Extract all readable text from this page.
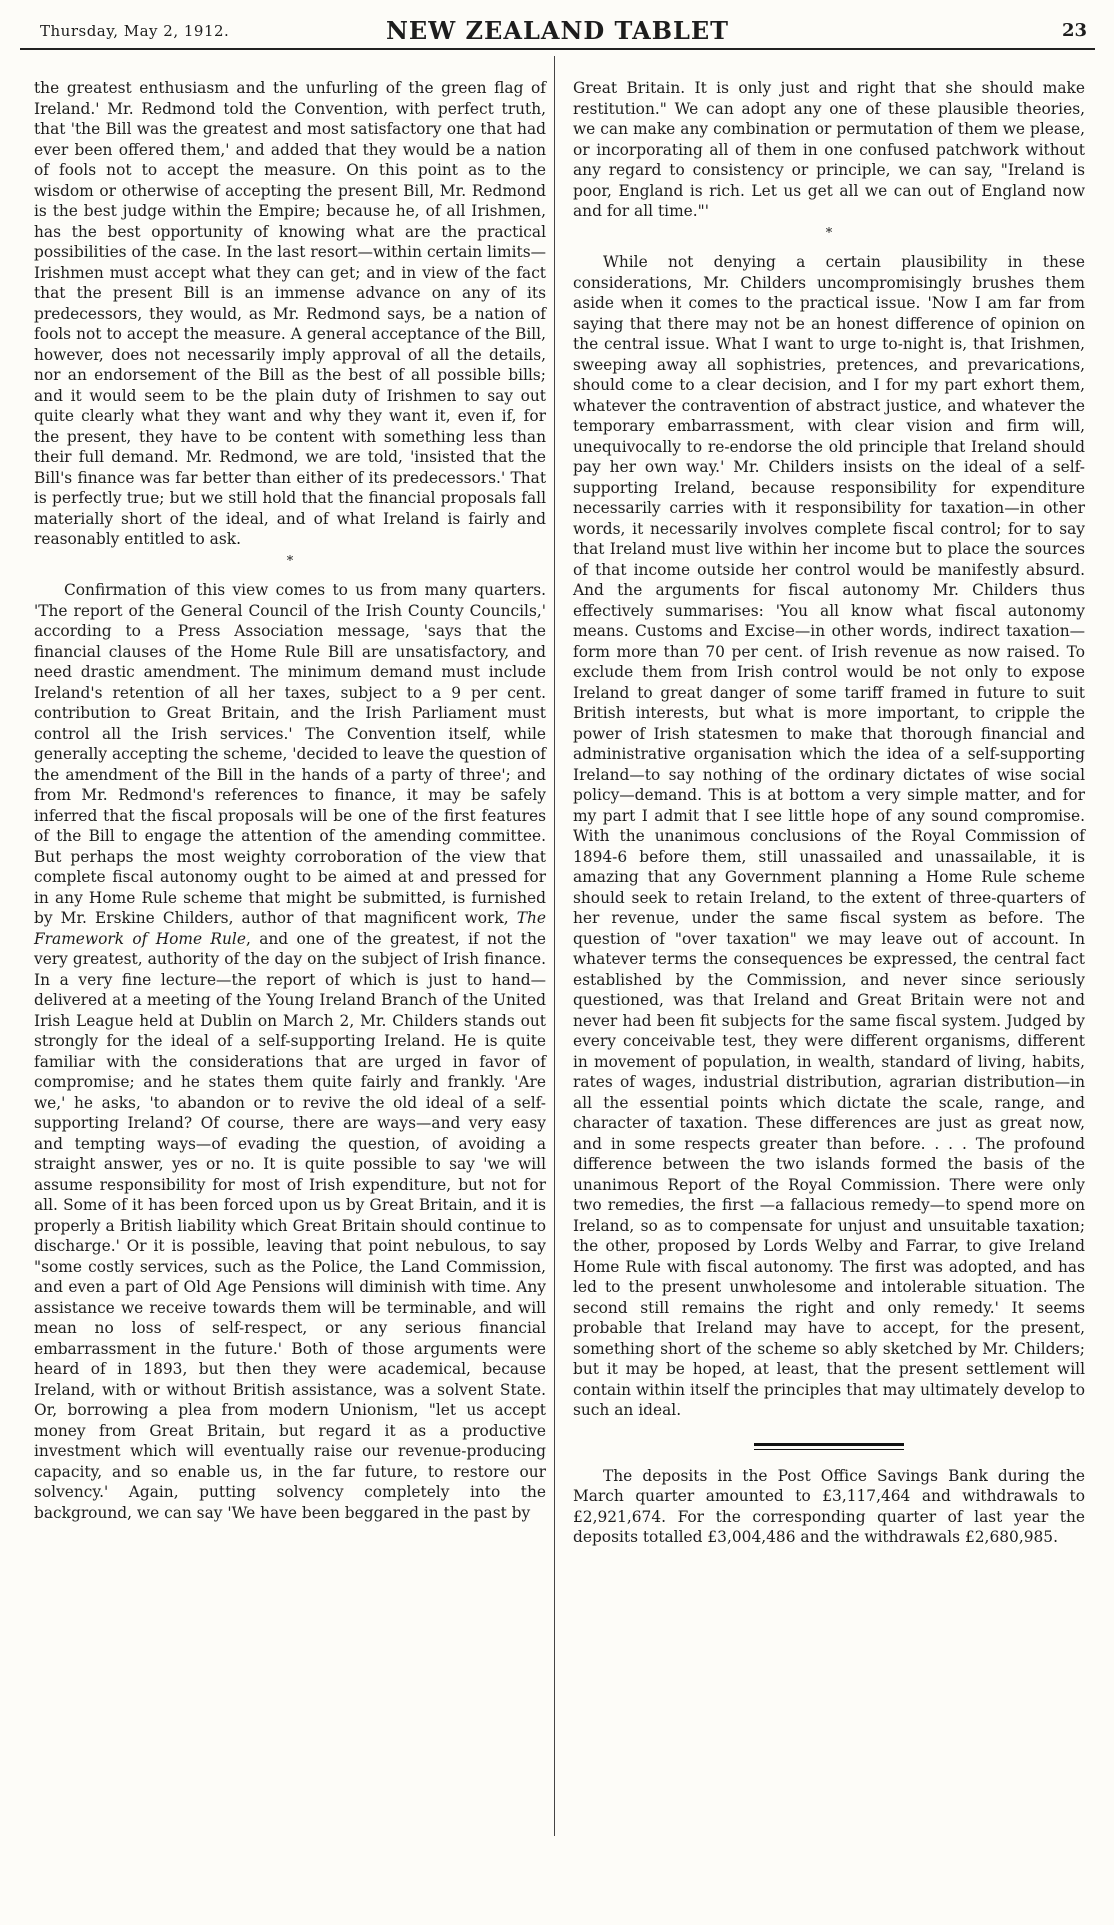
Thursday, May 2, 1912.	NEW ZEALAND TABLET	23

the greatest enthusiasm and the unfurling of the green flag of Ireland.' Mr. Redmond told the Convention, with perfect truth, that 'the Bill was the greatest and most satisfactory one that had ever been offered them,' and added that they would be a nation of fools not to accept the measure. On this point as to the wisdom or otherwise of accepting the present Bill, Mr. Redmond is the best judge within the Empire; because he, of all Irishmen, has the best opportunity of knowing what are the practical possibilities of the case. In the last resort—within certain limits—Irishmen must accept what they can get; and in view of the fact that the present Bill is an immense advance on any of its predecessors, they would, as Mr. Redmond says, be a nation of fools not to accept the measure. A general acceptance of the Bill, however, does not necessarily imply approval of all the details, nor an endorsement of the Bill as the best of all possible bills; and it would seem to be the plain duty of Irishmen to say out quite clearly what they want and why they want it, even if, for the present, they have to be content with something less than their full demand. Mr. Redmond, we are told, 'insisted that the Bill's finance was far better than either of its predecessors.' That is perfectly true; but we still hold that the financial proposals fall materially short of the ideal, and of what Ireland is fairly and reasonably entitled to ask.

*

Confirmation of this view comes to us from many quarters. 'The report of the General Council of the Irish County Councils,' according to a Press Association message, 'says that the financial clauses of the Home Rule Bill are unsatisfactory, and need drastic amendment. The minimum demand must include Ireland's retention of all her taxes, subject to a 9 per cent. contribution to Great Britain, and the Irish Parliament must control all the Irish services.' The Convention itself, while generally accepting the scheme, 'decided to leave the question of the amendment of the Bill in the hands of a party of three'; and from Mr. Redmond's references to finance, it may be safely inferred that the fiscal proposals will be one of the first features of the Bill to engage the attention of the amending committee. But perhaps the most weighty corroboration of the view that complete fiscal autonomy ought to be aimed at and pressed for in any Home Rule scheme that might be submitted, is furnished by Mr. Erskine Childers, author of that magnificent work, The Framework of Home Rule, and one of the greatest, if not the very greatest, authority of the day on the subject of Irish finance. In a very fine lecture—the report of which is just to hand—delivered at a meeting of the Young Ireland Branch of the United Irish League held at Dublin on March 2, Mr. Childers stands out strongly for the ideal of a self-supporting Ireland. He is quite familiar with the considerations that are urged in favor of compromise; and he states them quite fairly and frankly. 'Are we,' he asks, 'to abandon or to revive the old ideal of a self-supporting Ireland? Of course, there are ways—and very easy and tempting ways—of evading the question, of avoiding a straight answer, yes or no. It is quite possible to say 'we will assume responsibility for most of Irish expenditure, but not for all. Some of it has been forced upon us by Great Britain, and it is properly a British liability which Great Britain should continue to discharge.' Or it is possible, leaving that point nebulous, to say "some costly services, such as the Police, the Land Commission, and even a part of Old Age Pensions will diminish with time. Any assistance we receive towards them will be terminable, and will mean no loss of self-respect, or any serious financial embarrassment in the future.' Both of those arguments were heard of in 1893, but then they were academical, because Ireland, with or without British assistance, was a solvent State. Or, borrowing a plea from modern Unionism, "let us accept money from Great Britain, but regard it as a productive investment which will eventually raise our revenue-producing capacity, and so enable us, in the far future, to restore our solvency.' Again, putting solvency completely into the background, we can say 'We have been beggared in the past by

Great Britain. It is only just and right that she should make restitution." We can adopt any one of these plausible theories, we can make any combination or permutation of them we please, or incorporating all of them in one confused patchwork without any regard to consistency or principle, we can say, "Ireland is poor, England is rich. Let us get all we can out of England now and for all time."'

*

While not denying a certain plausibility in these considerations, Mr. Childers uncompromisingly brushes them aside when it comes to the practical issue. 'Now I am far from saying that there may not be an honest difference of opinion on the central issue. What I want to urge to-night is, that Irishmen, sweeping away all sophistries, pretences, and prevarications, should come to a clear decision, and I for my part exhort them, whatever the contravention of abstract justice, and whatever the temporary embarrassment, with clear vision and firm will, unequivocally to re-endorse the old principle that Ireland should pay her own way.' Mr. Childers insists on the ideal of a self-supporting Ireland, because responsibility for expenditure necessarily carries with it responsibility for taxation—in other words, it necessarily involves complete fiscal control; for to say that Ireland must live within her income but to place the sources of that income outside her control would be manifestly absurd. And the arguments for fiscal autonomy Mr. Childers thus effectively summarises: 'You all know what fiscal autonomy means. Customs and Excise—in other words, indirect taxation—form more than 70 per cent. of Irish revenue as now raised. To exclude them from Irish control would be not only to expose Ireland to great danger of some tariff framed in future to suit British interests, but what is more important, to cripple the power of Irish statesmen to make that thorough financial and administrative organisation which the idea of a self-supporting Ireland—to say nothing of the ordinary dictates of wise social policy—demand. This is at bottom a very simple matter, and for my part I admit that I see little hope of any sound compromise. With the unanimous conclusions of the Royal Commission of 1894-6 before them, still unassailed and unassailable, it is amazing that any Government planning a Home Rule scheme should seek to retain Ireland, to the extent of three-quarters of her revenue, under the same fiscal system as before. The question of "over taxation" we may leave out of account. In whatever terms the consequences be expressed, the central fact established by the Commission, and never since seriously questioned, was that Ireland and Great Britain were not and never had been fit subjects for the same fiscal system. Judged by every conceivable test, they were different organisms, different in movement of population, in wealth, standard of living, habits, rates of wages, industrial distribution, agrarian distribution—in all the essential points which dictate the scale, range, and character of taxation. These differences are just as great now, and in some respects greater than before. . . . The profound difference between the two islands formed the basis of the unanimous Report of the Royal Commission. There were only two remedies, the first —a fallacious remedy—to spend more on Ireland, so as to compensate for unjust and unsuitable taxation; the other, proposed by Lords Welby and Farrar, to give Ireland Home Rule with fiscal autonomy. The first was adopted, and has led to the present unwholesome and intolerable situation. The second still remains the right and only remedy.' It seems probable that Ireland may have to accept, for the present, something short of the scheme so ably sketched by Mr. Childers; but it may be hoped, at least, that the present settlement will contain within itself the principles that may ultimately develop to such an ideal.

The deposits in the Post Office Savings Bank during the March quarter amounted to £3,117,464 and withdrawals to £2,921,674. For the corresponding quarter of last year the deposits totalled £3,004,486 and the withdrawals £2,680,985.
